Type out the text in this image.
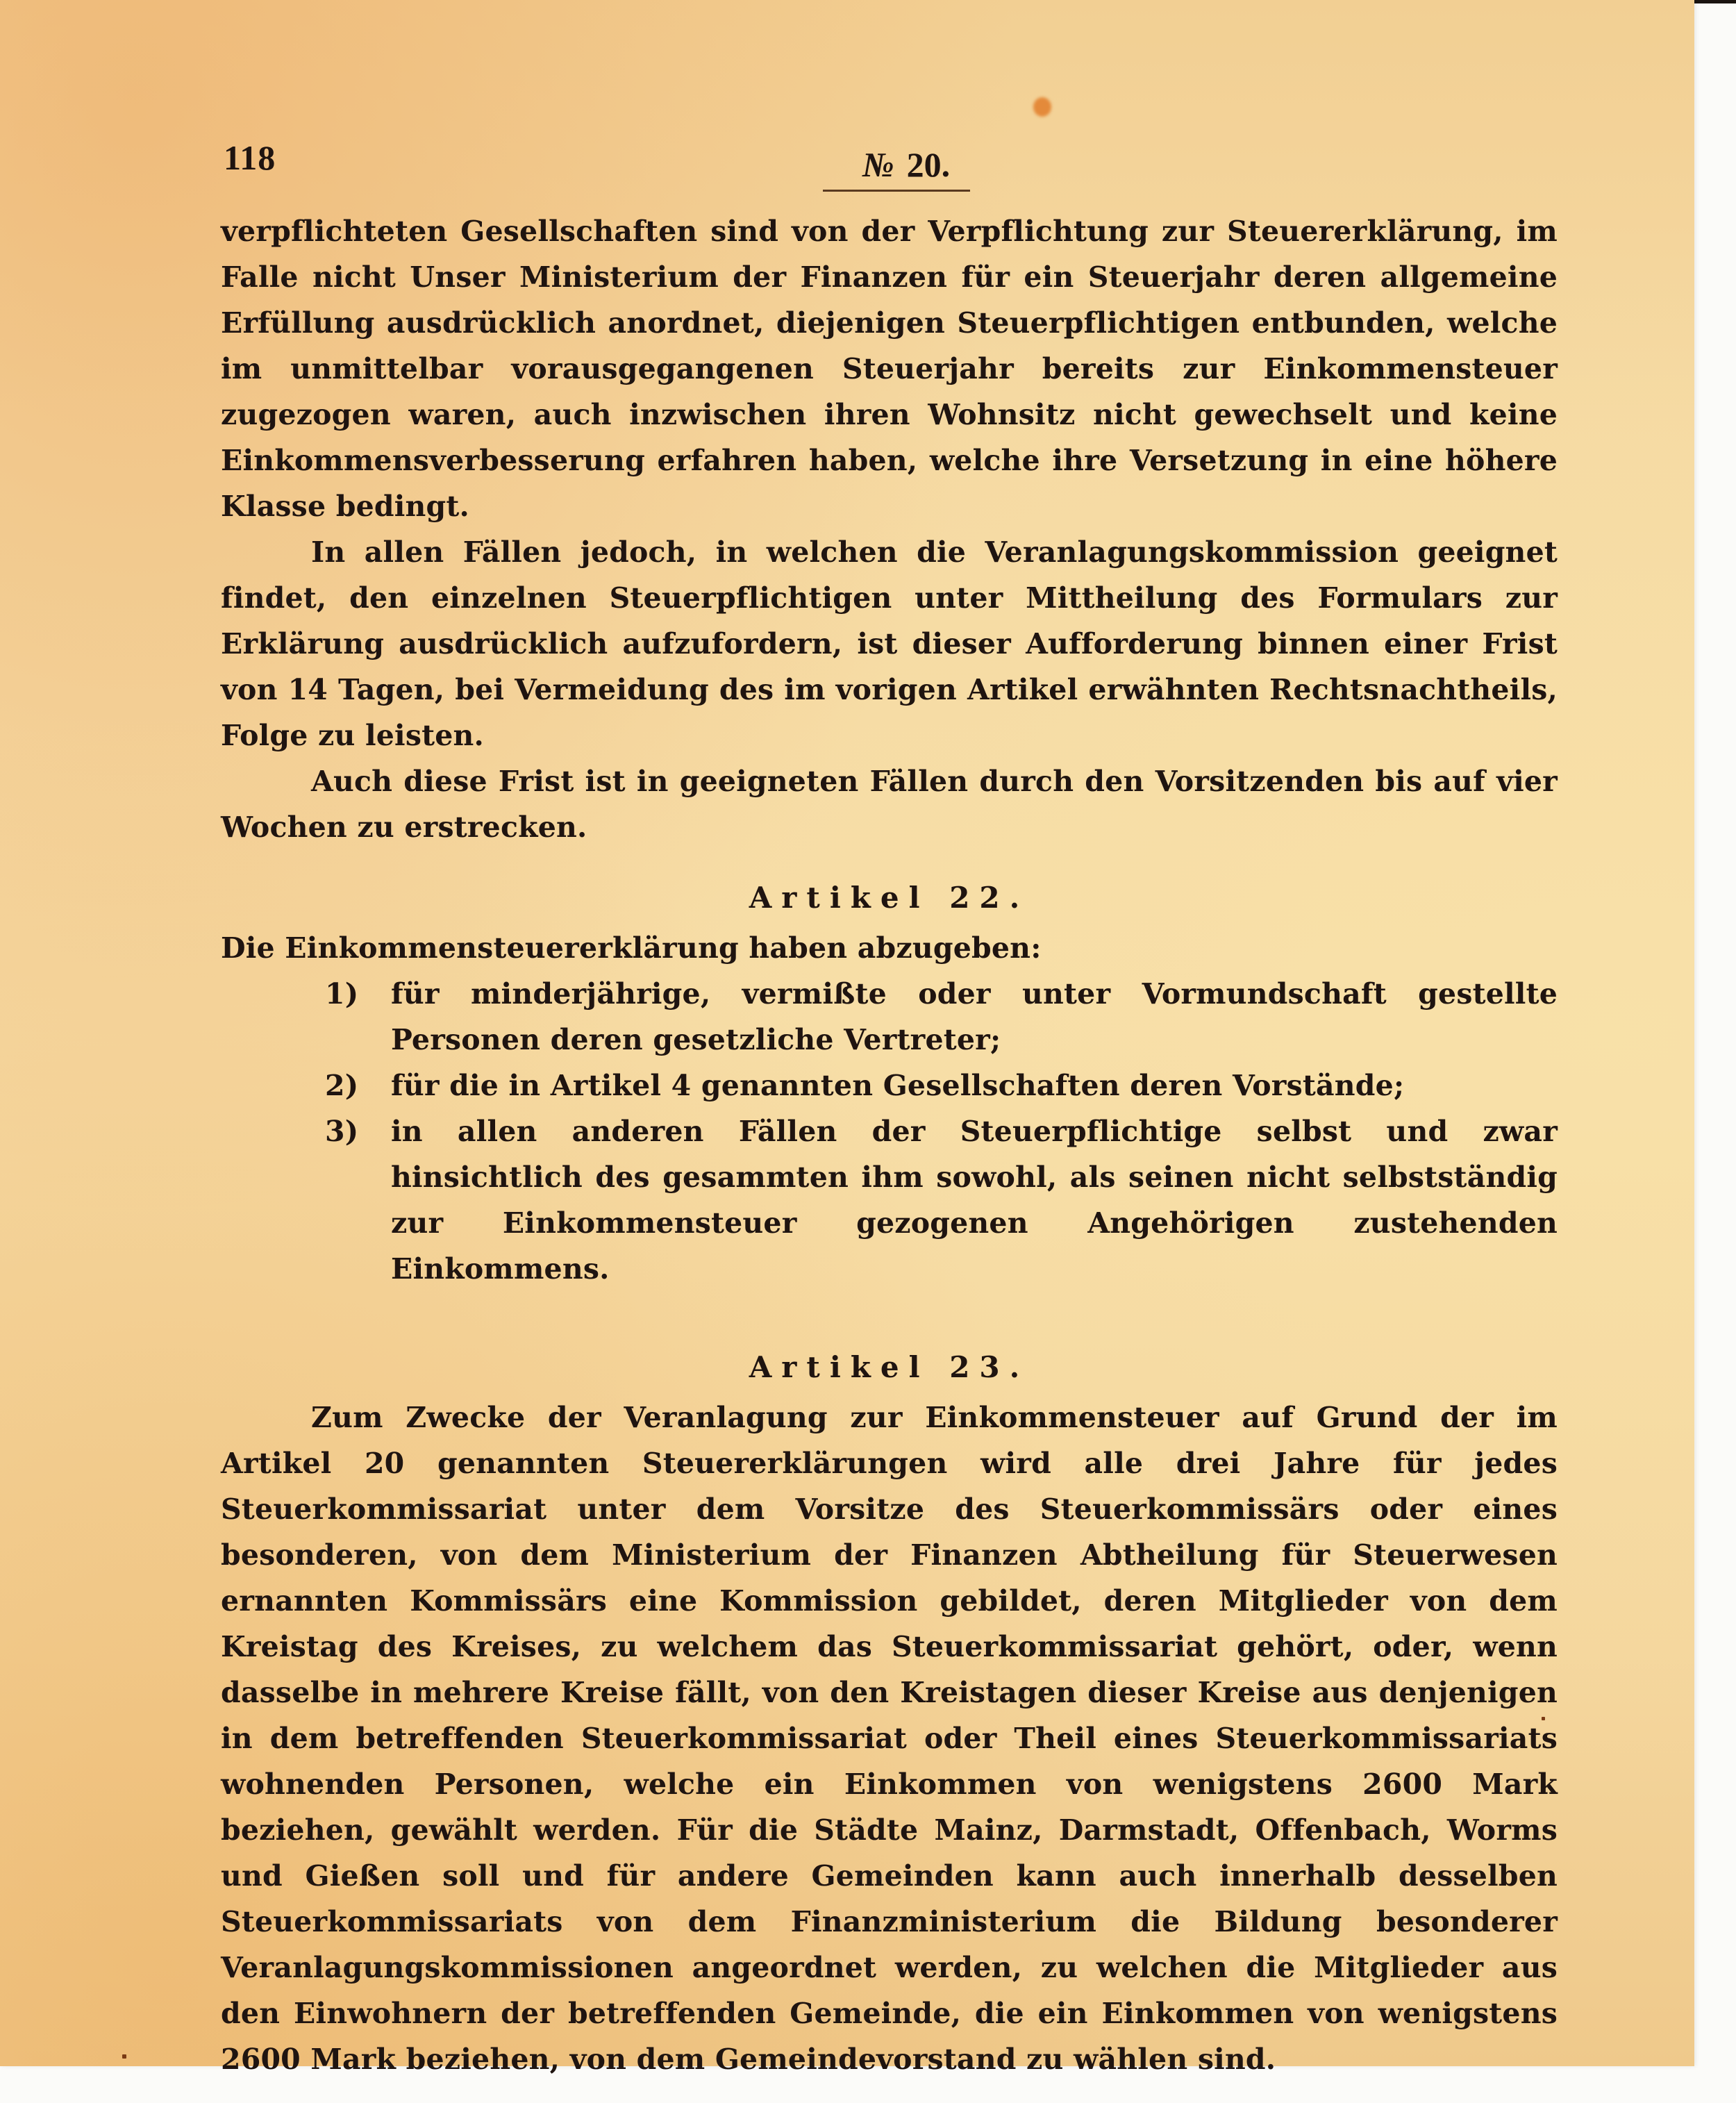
118	№ 20.

verpflichteten Gesellschaften sind von der Verpflichtung zur Steuererklärung, im Falle nicht Unser Ministerium der Finanzen für ein Steuerjahr deren allgemeine Erfüllung ausdrücklich anordnet, diejenigen Steuerpflichtigen entbunden, welche im unmittelbar vorausgegangenen Steuerjahr bereits zur Einkommensteuer zugezogen waren, auch inzwischen ihren Wohnsitz nicht gewechselt und keine Einkommensverbesserung erfahren haben, welche ihre Versetzung in eine höhere Klasse bedingt.

In allen Fällen jedoch, in welchen die Veranlagungskommission geeignet findet, den einzelnen Steuerpflichtigen unter Mittheilung des Formulars zur Erklärung ausdrücklich aufzufordern, ist dieser Aufforderung binnen einer Frist von 14 Tagen, bei Vermeidung des im vorigen Artikel erwähnten Rechtsnachtheils, Folge zu leisten.

Auch diese Frist ist in geeigneten Fällen durch den Vorsitzenden bis auf vier Wochen zu erstrecken.

Artikel 22.

Die Einkommensteuererklärung haben abzugeben:

1)	für minderjährige, vermißte oder unter Vormundschaft gestellte Personen deren gesetzliche Vertreter;
2)	für die in Artikel 4 genannten Gesellschaften deren Vorstände;
3)	in allen anderen Fällen der Steuerpflichtige selbst und zwar hinsichtlich des gesammten ihm sowohl, als seinen nicht selbstständig zur Einkommensteuer gezogenen Angehörigen zustehenden Einkommens.
Artikel 23.

Zum Zwecke der Veranlagung zur Einkommensteuer auf Grund der im Artikel 20 genannten Steuererklärungen wird alle drei Jahre für jedes Steuerkommissariat unter dem Vorsitze des Steuerkommissärs oder eines besonderen, von dem Ministerium der Finanzen Abtheilung für Steuerwesen ernannten Kommissärs eine Kommission gebildet, deren Mitglieder von dem Kreistag des Kreises, zu welchem das Steuerkommissariat gehört, oder, wenn dasselbe in mehrere Kreise fällt, von den Kreistagen dieser Kreise aus denjenigen in dem betreffenden Steuerkommissariat oder Theil eines Steuerkommissariats wohnenden Personen, welche ein Einkommen von wenigstens 2600 Mark beziehen, gewählt werden. Für die Städte Mainz, Darmstadt, Offenbach, Worms und Gießen soll und für andere Gemeinden kann auch innerhalb desselben Steuerkommissariats von dem Finanzministerium die Bildung besonderer Veranlagungskommissionen angeordnet werden, zu welchen die Mitglieder aus den Einwohnern der betreffenden Gemeinde, die ein Einkommen von wenigstens 2600 Mark beziehen, von dem Gemeindevorstand zu wählen sind.
